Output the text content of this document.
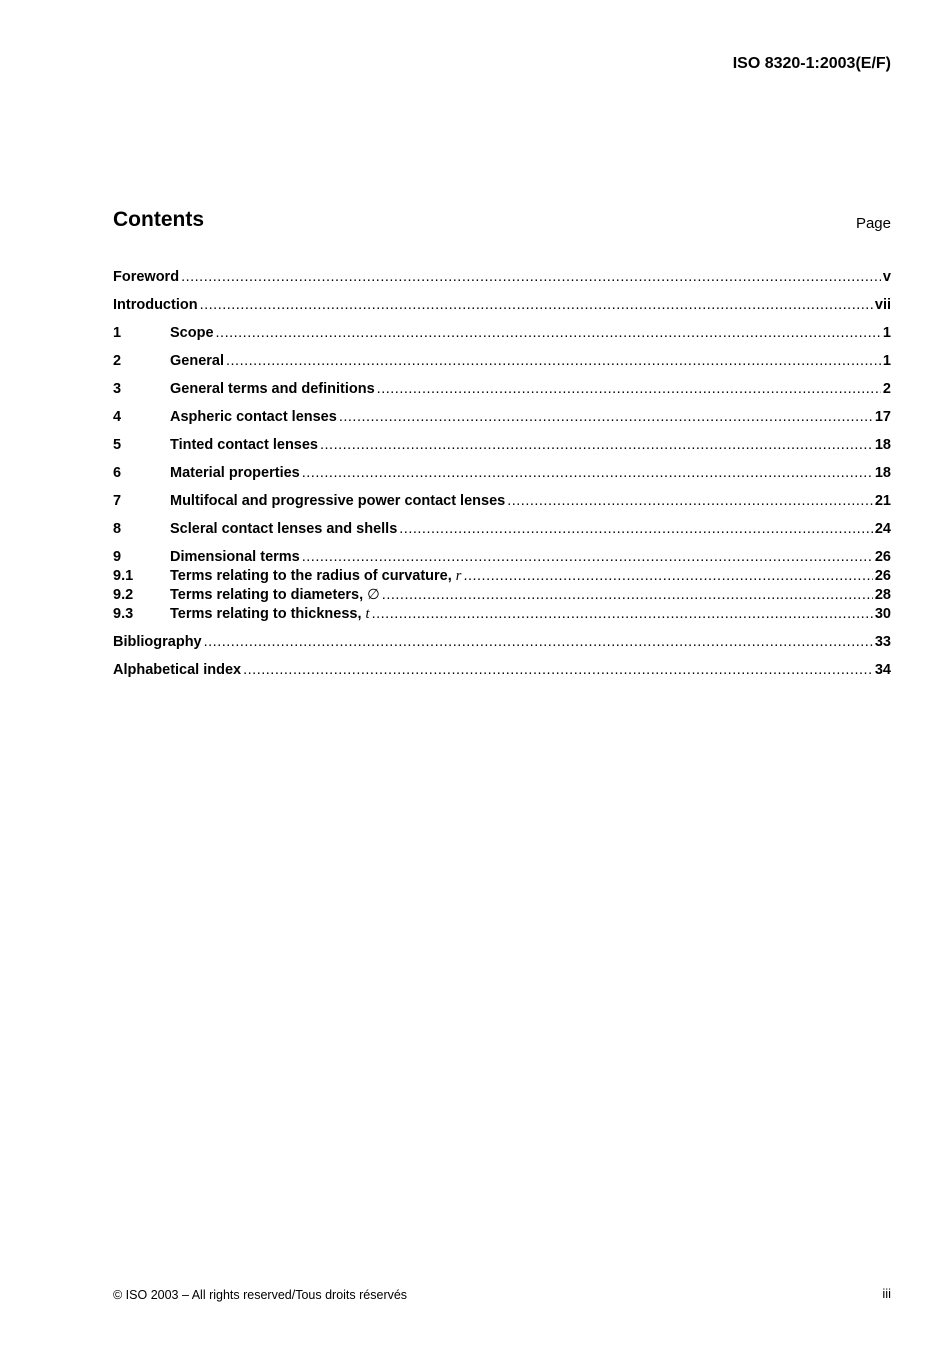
ISO 8320-1:2003(E/F)
Contents	Page
Foreword .....	v
Introduction .....	vii
1	Scope .....	1
2	General .....	1
3	General terms and definitions .....	2
4	Aspheric contact lenses .....	17
5	Tinted contact lenses .....	18
6	Material properties .....	18
7	Multifocal and progressive power contact lenses .....	21
8	Scleral contact lenses and shells .....	24
9	Dimensional terms .....	26
9.1	Terms relating to the radius of curvature, r .....	26
9.2	Terms relating to diameters, ∅ .....	28
9.3	Terms relating to thickness, t .....	30
Bibliography .....	33
Alphabetical index .....	34
© ISO 2003 – All rights reserved/Tous droits réservés	iii
